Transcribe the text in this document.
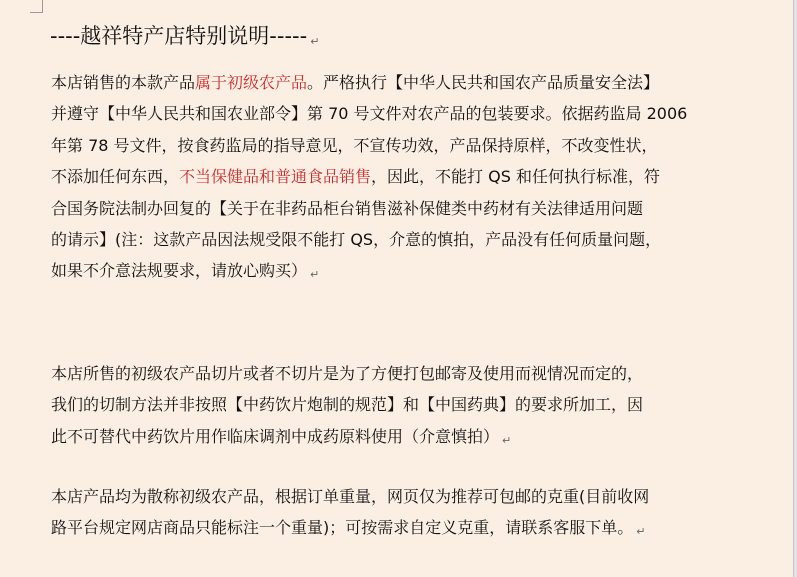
----越祥特产店特别说明----- ↵
本店销售的本款产品属于初级农产品。严格执行【中华人民共和国农产品质量安全法】
并遵守【中华人民共和国农业部令】第 70 号文件对农产品的包装要求。依据药监局 2006
年第 78 号文件，按食药监局的指导意见，不宣传功效，产品保持原样，不改变性状，
不添加任何东西，不当保健品和普通食品销售，因此，不能打 QS 和任何执行标准，符
合国务院法制办回复的【关于在非药品柜台销售滋补保健类中药材有关法律适用问题
的请示】(注：这款产品因法规受限不能打 QS，介意的慎拍，产品没有任何质量问题，
如果不介意法规要求，请放心购买） ↵
本店所售的初级农产品切片或者不切片是为了方便打包邮寄及使用而视情况而定的，
我们的切制方法并非按照【中药饮片炮制的规范】和【中国药典】的要求所加工，因
此不可替代中药饮片用作临床调剂中成药原料使用（介意慎拍） ↵
本店产品均为散称初级农产品，根据订单重量，网页仅为推荐可包邮的克重(目前收网
路平台规定网店商品只能标注一个重量)；可按需求自定义克重，请联系客服下单。 ↵
